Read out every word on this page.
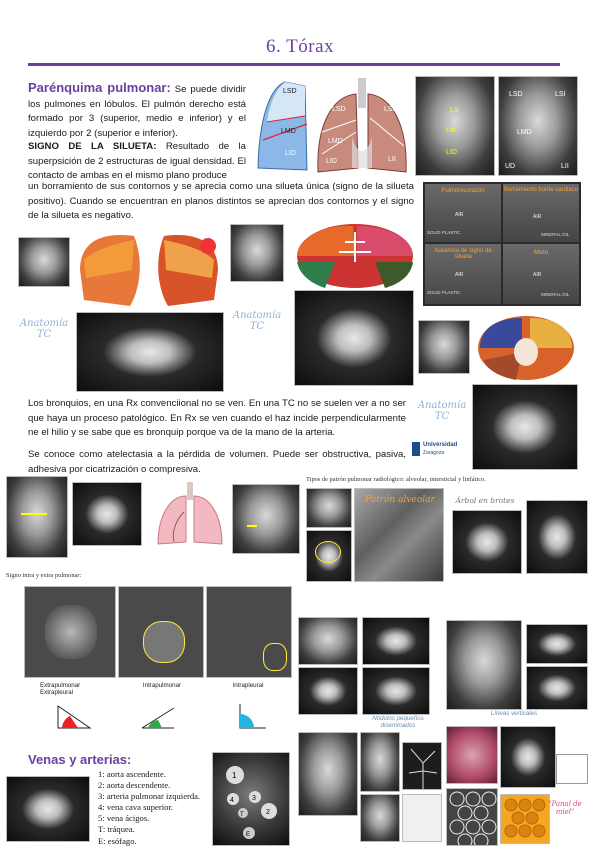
6. Tórax
Parénquima pulmonar: Se puede dividir los pulmones en lóbulos. El pulmón derecho está formado por 3 (superior, medio e inferior) y el izquierdo por 2 (superior e inferior).
SIGNO DE LA SILUETA: Resultado de la superpsición de 2 estructuras de igual densidad. El contacto de ambas en el mismo plano produce
un borramiento de sus contornos y se aprecia como una silueta única (signo de la silueta positivo). Cuando se encuentran en planos distintos se aprecian dos contornos y el signo de la silueta es negativo.
LSD
LMD
LID
LSD	LSI
LMD
LID	LII
LS
LM
LID
LSD	LSI
LMD
UD	LII
Pulmón/corazón
AIR
SOLID PLASTIC
Borramiento borde cardiaco
AIR
MINERAL OIL
Ausencia de signo de silueta
AIR
SOLID PLASTIC
Mixto
AIR
MINERAL OIL
Anatomía TC
Anatomía TC
Anatomía TC
Los bronquios, en una Rx convenciional no se ven. En una TC no se suelen ver a no ser que haya un proceso patológico. En Rx se ven cuando el haz incide perpendicularmente ne el hilio y se sabe que es bronquip porque va de la mano de la arteria.
Se conoce como atelectasia a la pérdida de volumen. Puede ser obstructiva, pasiva, adhesiva por cicatrización o compresiva.
Universidad
Zaragoza
Tipos de patrón pulmonar radiológico: alveolar, intersticial y linfático.
Patrón alveolar	Árbol en brotes
Signo intra y extra pulmonar:
Extrapulmonar Extrapleural
Intrapulmonar	Intrapleural
Nódulos pequeños diseminados
Líneas verticales
Venas y arterias:
1: aorta ascendente.
2: aorta descendente.
3: arteria pulmonar izquierda.
4: vena cava superior.
5: vena ácigos.
T: tráquea.
E: esófago.
1
3
2
4
T
E
"Panal de miel"
